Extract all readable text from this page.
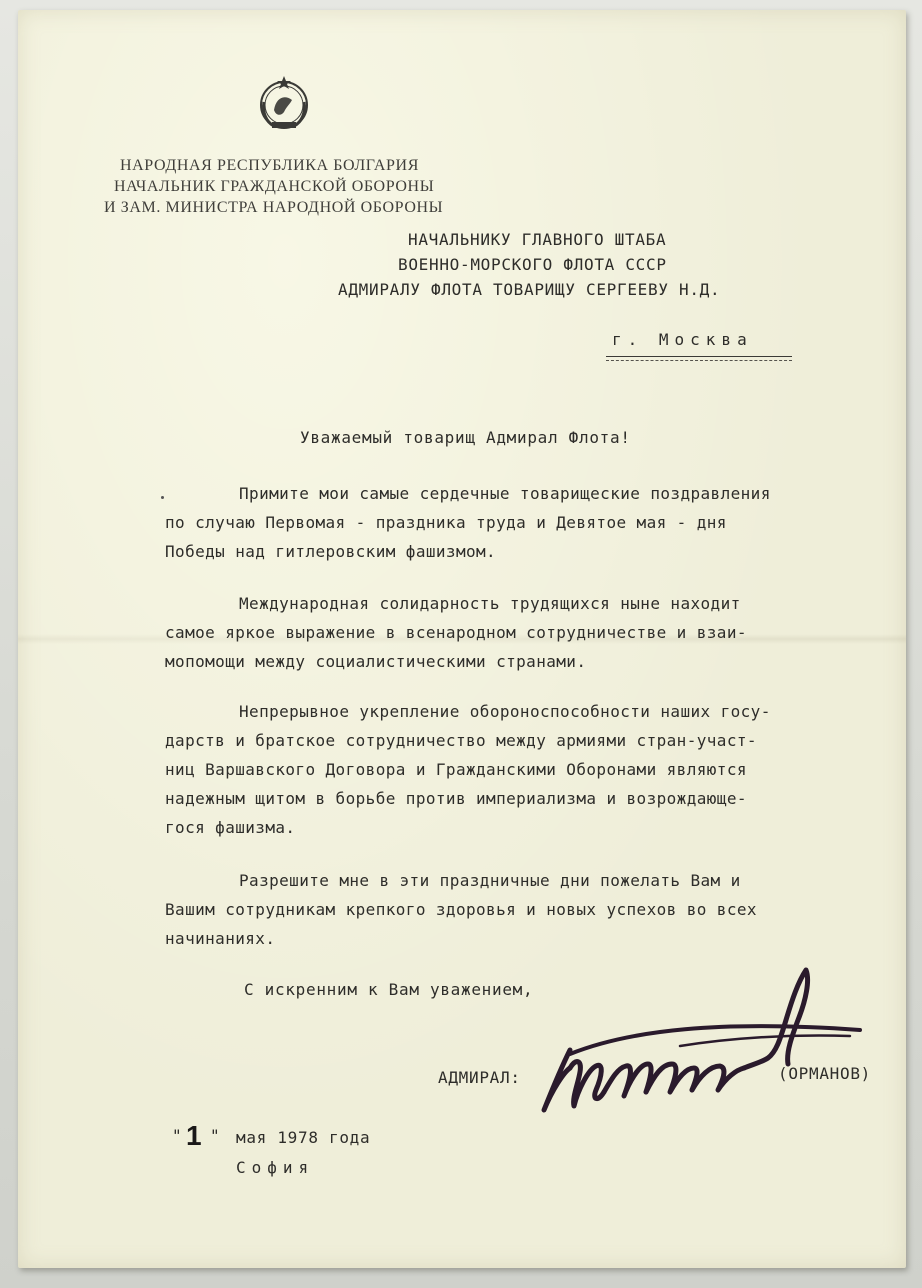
НАРОДНАЯ РЕСПУБЛИКА БОЛГАРИЯ
НАЧАЛЬНИК ГРАЖДАНСКОЙ ОБОРОНЫ
И ЗАМ. МИНИСТРА НАРОДНОЙ ОБОРОНЫ
НАЧАЛЬНИКУ ГЛАВНОГО ШТАБА
ВОЕННО-МОРСКОГО ФЛОТА СССР
АДМИРАЛУ ФЛОТА ТОВАРИЩУ СЕРГЕЕВУ Н.Д.
г. Москва
Уважаемый товарищ Адмирал Флота!
Примите мои самые сердечные товарищеские поздравления
по случаю Первомая - праздника труда и Девятое мая - дня
Победы над гитлеровским фашизмом.
Международная солидарность трудящихся ныне находит
самое яркое выражение в всенародном сотрудничестве и взаи-
мопомощи между социалистическими странами.
Непрерывное укрепление обороноспособности наших госу-
дарств и братское сотрудничество между армиями стран-участ-
ниц Варшавского Договора и Гражданскими Оборонами являются
надежным щитом в борьбе против империализма и возрождающе-
гося фашизма.
Разрешите мне в эти праздничные дни пожелать Вам и
Вашим сотрудникам крепкого здоровья и новых успехов во всех
начинаниях.
С искренним к Вам уважением,
АДМИРАЛ:	(ОРМАНОВ)
" 1 " мая 1978 года
София
